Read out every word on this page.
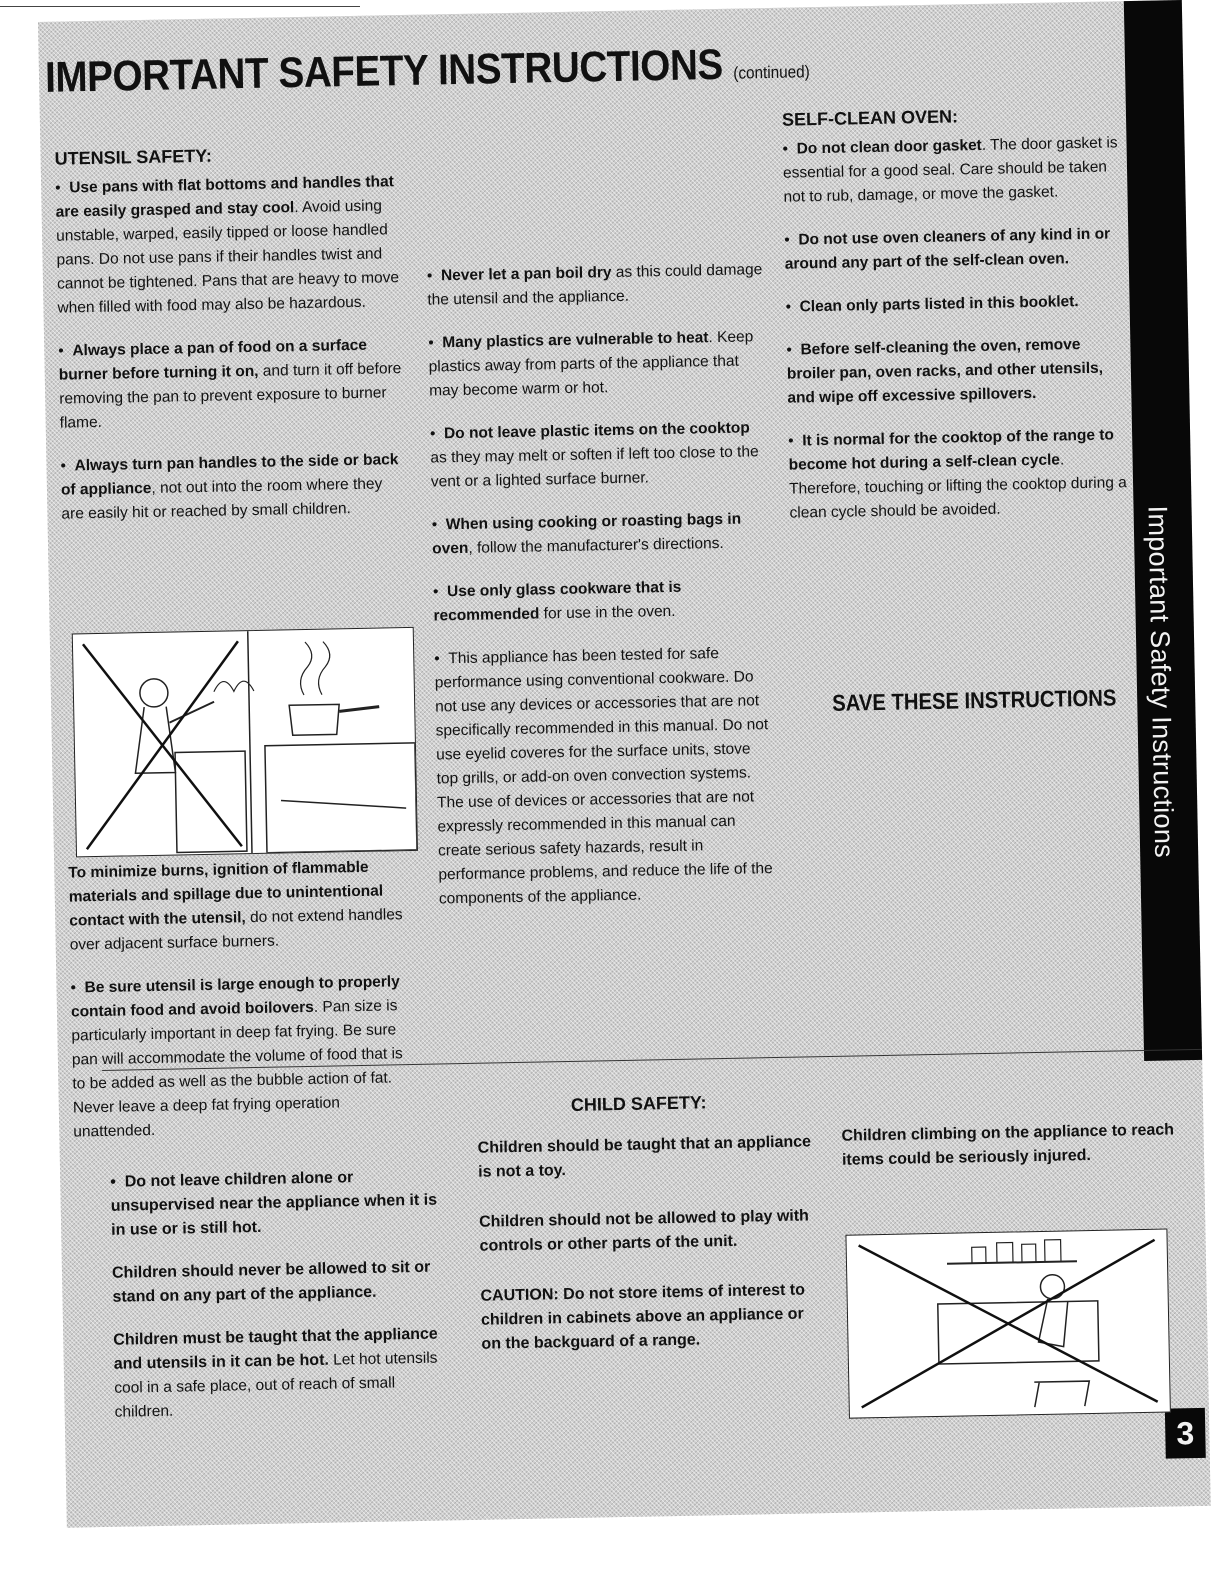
IMPORTANT SAFETY INSTRUCTIONS (continued)
Important Safety Instructions
3
UTENSIL SAFETY:

•  Use pans with flat bottoms and handles that are easily grasped and stay cool. Avoid using unstable, warped, easily tipped or loose handled pans. Do not use pans if their handles twist and cannot be tightened. Pans that are heavy to move when filled with food may also be hazardous.

•  Always place a pan of food on a surface burner before turning it on, and turn it off before removing the pan to prevent exposure to burner flame.

•  Always turn pan handles to the side or back of appliance, not out into the room where they are easily hit or reached by small children.

To minimize burns, ignition of flammable materials and spillage due to unintentional contact with the utensil, do not extend handles over adjacent surface burners.

•  Be sure utensil is large enough to properly contain food and avoid boilovers. Pan size is particularly important in deep fat frying. Be sure pan will accommodate the volume of food that is to be added as well as the bubble action of fat. Never leave a deep fat frying operation unattended.

•  Never let a pan boil dry as this could damage the utensil and the appliance.

•  Many plastics are vulnerable to heat. Keep plastics away from parts of the appliance that may become warm or hot.

•  Do not leave plastic items on the cooktop as they may melt or soften if left too close to the vent or a lighted surface burner.

•  When using cooking or roasting bags in oven, follow the manufacturer's directions.

•  Use only glass cookware that is recommended for use in the oven.

•  This appliance has been tested for safe performance using conventional cookware. Do not use any devices or accessories that are not specifically recommended in this manual. Do not use eyelid coveres for the surface units, stove top grills, or add-on oven convection systems. The use of devices or accessories that are not expressly recommended in this manual can create serious safety hazards, result in performance problems, and reduce the life of the components of the appliance.

SELF-CLEAN OVEN:

•  Do not clean door gasket. The door gasket is essential for a good seal. Care should be taken not to rub, damage, or move the gasket.

•  Do not use oven cleaners of any kind in or around any part of the self-clean oven.

•  Clean only parts listed in this booklet.

•  Before self-cleaning the oven, remove broiler pan, oven racks, and other utensils, and wipe off excessive spillovers.

•  It is normal for the cooktop of the range to become hot during a self-clean cycle. Therefore, touching or lifting the cooktop during a clean cycle should be avoided.

SAVE THESE INSTRUCTIONS
CHILD SAFETY:

•  Do not leave children alone or unsupervised near the appliance when it is in use or is still hot.

Children should never be allowed to sit or stand on any part of the appliance.

Children must be taught that the appliance and utensils in it can be hot. Let hot utensils cool in a safe place, out of reach of small children.

Children should be taught that an appliance is not a toy.

Children should not be allowed to play with controls or other parts of the unit.

CAUTION: Do not store items of interest to children in cabinets above an appliance or on the backguard of a range.

Children climbing on the appliance to reach items could be seriously injured.
